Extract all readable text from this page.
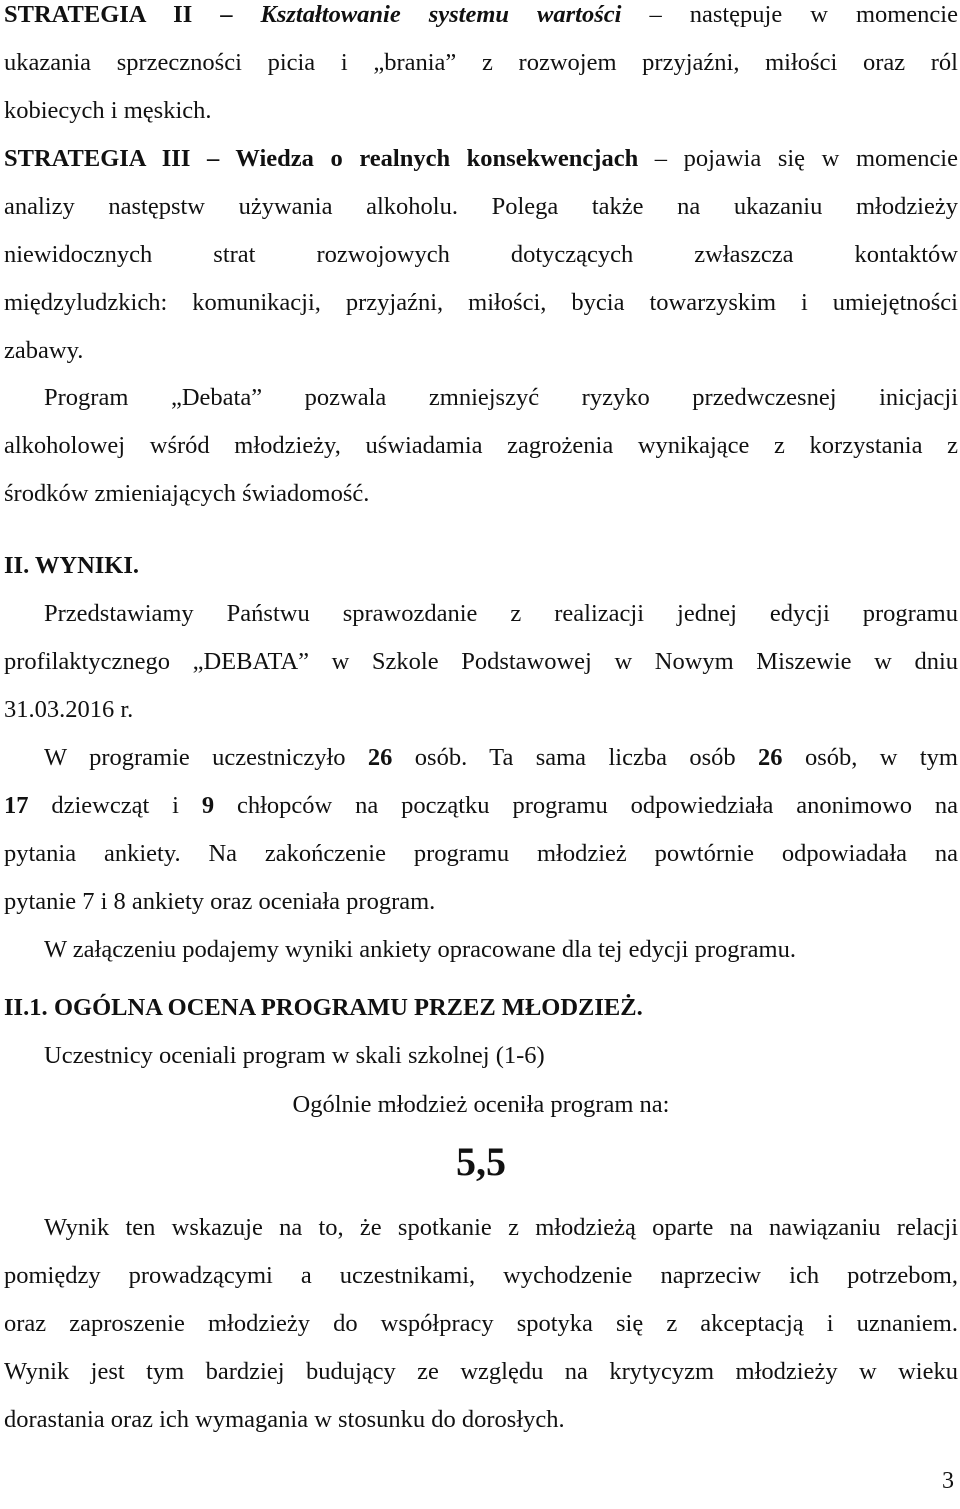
STRATEGIA II – Kształtowanie systemu wartości – następuje w momencie
ukazania sprzeczności picia i „brania” z rozwojem przyjaźni, miłości oraz ról
kobiecych i męskich.
STRATEGIA III – Wiedza o realnych konsekwencjach – pojawia się w momencie
analizy następstw używania alkoholu. Polega także na ukazaniu młodzieży
niewidocznych strat rozwojowych dotyczących zwłaszcza kontaktów
międzyludzkich: komunikacji, przyjaźni, miłości, bycia towarzyskim i umiejętności
zabawy.
Program „Debata” pozwala zmniejszyć ryzyko przedwczesnej inicjacji
alkoholowej wśród młodzieży, uświadamia zagrożenia wynikające z korzystania z
środków zmieniających świadomość.
II. WYNIKI.
Przedstawiamy Państwu sprawozdanie z realizacji jednej edycji programu
profilaktycznego „DEBATA” w Szkole Podstawowej w Nowym Miszewie w dniu
31.03.2016 r.
W programie uczestniczyło 26 osób. Ta sama liczba osób 26 osób, w tym
17 dziewcząt i 9 chłopców na początku programu odpowiedziała anonimowo na
pytania ankiety. Na zakończenie programu młodzież powtórnie odpowiadała na
pytanie 7 i 8 ankiety oraz oceniała program.
W załączeniu podajemy wyniki ankiety opracowane dla tej edycji programu.
II.1. OGÓLNA OCENA PROGRAMU PRZEZ MŁODZIEŻ.
Uczestnicy oceniali program w skali szkolnej (1-6)
Ogólnie młodzież oceniła program na:
5,5
Wynik ten wskazuje na to, że spotkanie z młodzieżą oparte na nawiązaniu relacji
pomiędzy prowadzącymi a uczestnikami, wychodzenie naprzeciw ich potrzebom,
oraz zaproszenie młodzieży do współpracy spotyka się z akceptacją i uznaniem.
Wynik jest tym bardziej budujący ze względu na krytycyzm młodzieży w wieku
dorastania oraz ich wymagania w stosunku do dorosłych.
3
